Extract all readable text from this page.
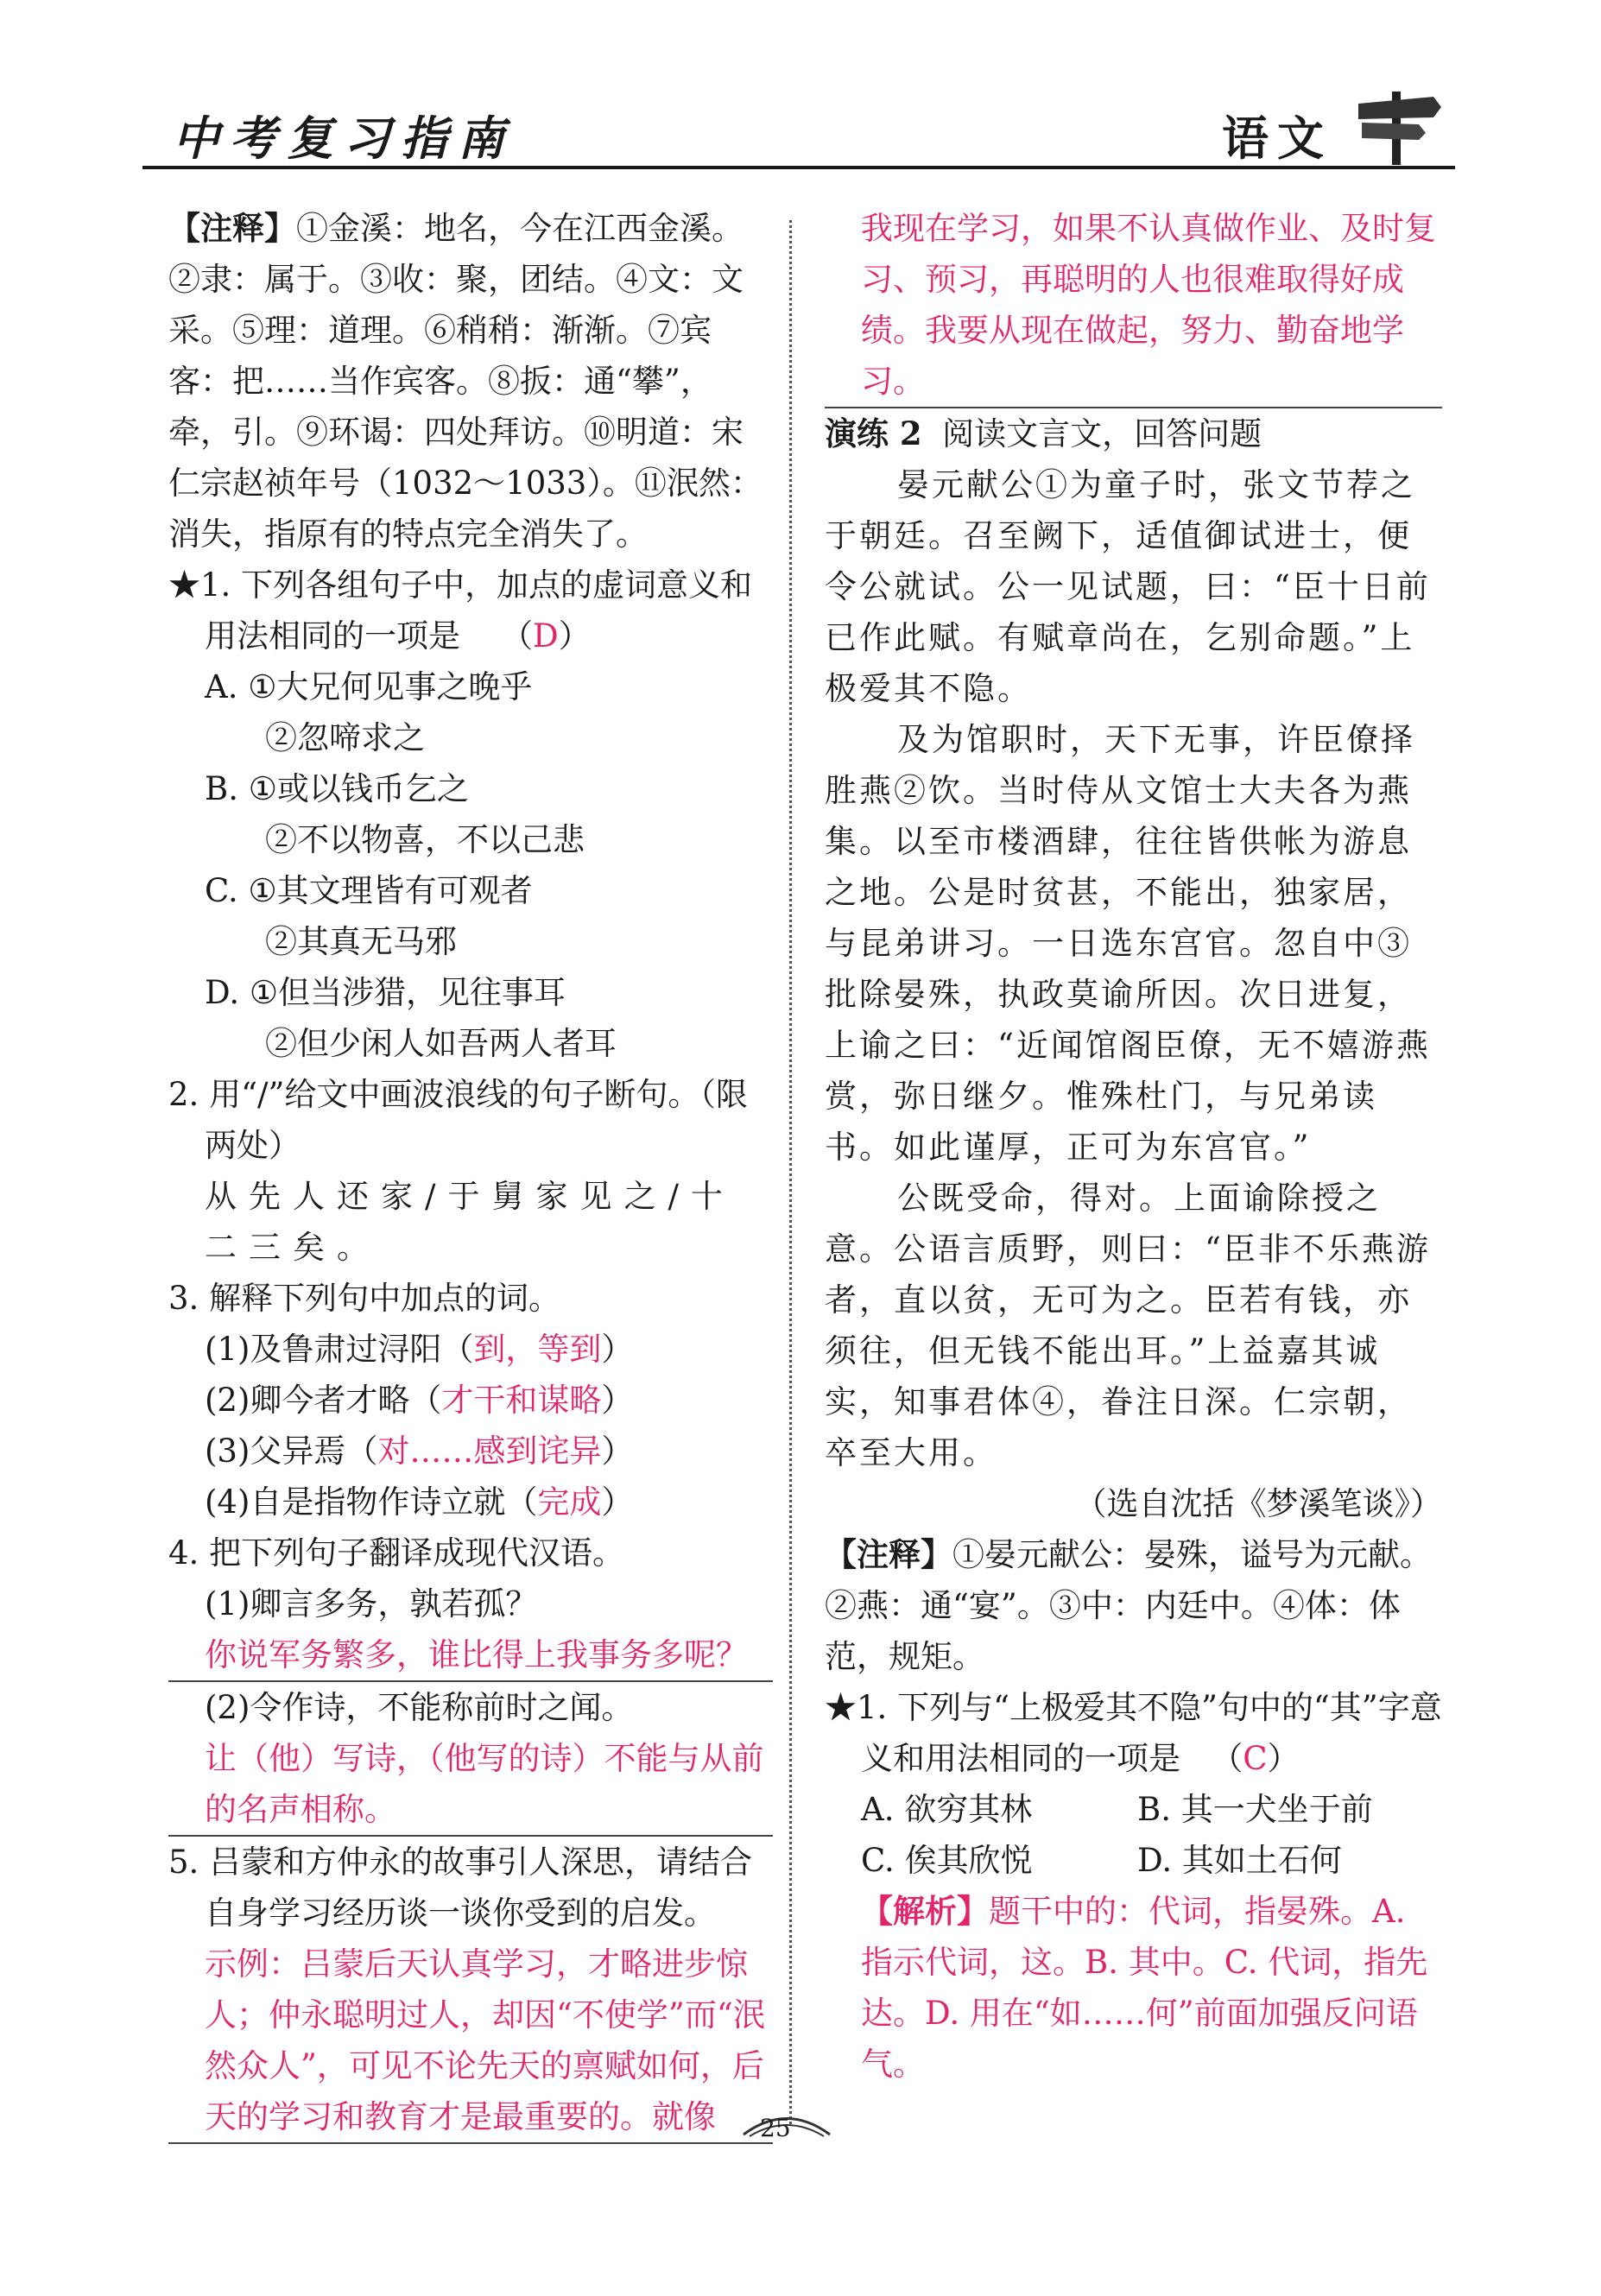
中考复习指南	语文

【注释】①金溪：地名，今在江西金溪。②隶：属于。③收：聚，团结。④文：文采。⑤理：道理。⑥稍稍：渐渐。⑦宾客：把……当作宾客。⑧扳：通“攀”，牵，引。⑨环谒：四处拜访。⑩明道：宋仁宗赵祯年号（1032～1033）。⑪泯然：消失，指原有的特点完全消失了。

★1. 下列各组句子中，加点的虚词意义和用法相同的一项是 （D）

A. ①大兄何见事之晚乎

②忽啼求之

B. ①或以钱币乞之

②不以物喜，不以己悲

C. ①其文理皆有可观者

②其真无马邪

D. ①但当涉猎，见往事耳

②但少闲人如吾两人者耳

2. 用“/”给文中画波浪线的句子断句。（限两处）

从先人还家/于舅家见之/十二三矣。

3. 解释下列句中加点的词。

(1)及鲁肃过浔阳（到，等到）

(2)卿今者才略（才干和谋略）

(3)父异焉（对……感到诧异）

(4)自是指物作诗立就（完成）

4. 把下列句子翻译成现代汉语。

(1)卿言多务，孰若孤？

你说军务繁多，谁比得上我事务多呢？

(2)令作诗，不能称前时之闻。

让（他）写诗，（他写的诗）不能与从前的名声相称。

5. 吕蒙和方仲永的故事引人深思，请结合自身学习经历谈一谈你受到的启发。

示例：吕蒙后天认真学习，才略进步惊人；仲永聪明过人，却因“不使学”而“泯然众人”，可见不论先天的禀赋如何，后天的学习和教育才是最重要的。就像

我现在学习，如果不认真做作业、及时复习、预习，再聪明的人也很难取得好成绩。我要从现在做起，努力、勤奋地学习。

演练 2 阅读文言文，回答问题

晏元献公①为童子时，张文节荐之于朝廷。召至阙下，适值御试进士，便令公就试。公一见试题，曰：“臣十日前已作此赋。有赋章尚在，乞别命题。”上极爱其不隐。

及为馆职时，天下无事，许臣僚择胜燕②饮。当时侍从文馆士大夫各为燕集。以至市楼酒肆，往往皆供帐为游息之地。公是时贫甚，不能出，独家居，与昆弟讲习。一日选东宫官。忽自中③批除晏殊，执政莫谕所因。次日进复，上谕之曰：“近闻馆阁臣僚，无不嬉游燕赏，弥日继夕。惟殊杜门，与兄弟读书。如此谨厚，正可为东宫官。”

公既受命，得对。上面谕除授之意。公语言质野，则曰：“臣非不乐燕游者，直以贫，无可为之。臣若有钱，亦须往，但无钱不能出耳。”上益嘉其诚实，知事君体④，眷注日深。仁宗朝，卒至大用。

（选自沈括《梦溪笔谈》）

【注释】①晏元献公：晏殊，谥号为元献。②燕：通“宴”。③中：内廷中。④体：体范，规矩。

★1. 下列与“上极爱其不隐”句中的“其”字意义和用法相同的一项是 （C）

A. 欲穷其林	B. 其一犬坐于前
C. 俟其欣悦	D. 其如土石何

【解析】题干中的：代词，指晏殊。A. 指示代词，这。B. 其中。C. 代词，指先达。D. 用在“如……何”前面加强反问语气。

25
